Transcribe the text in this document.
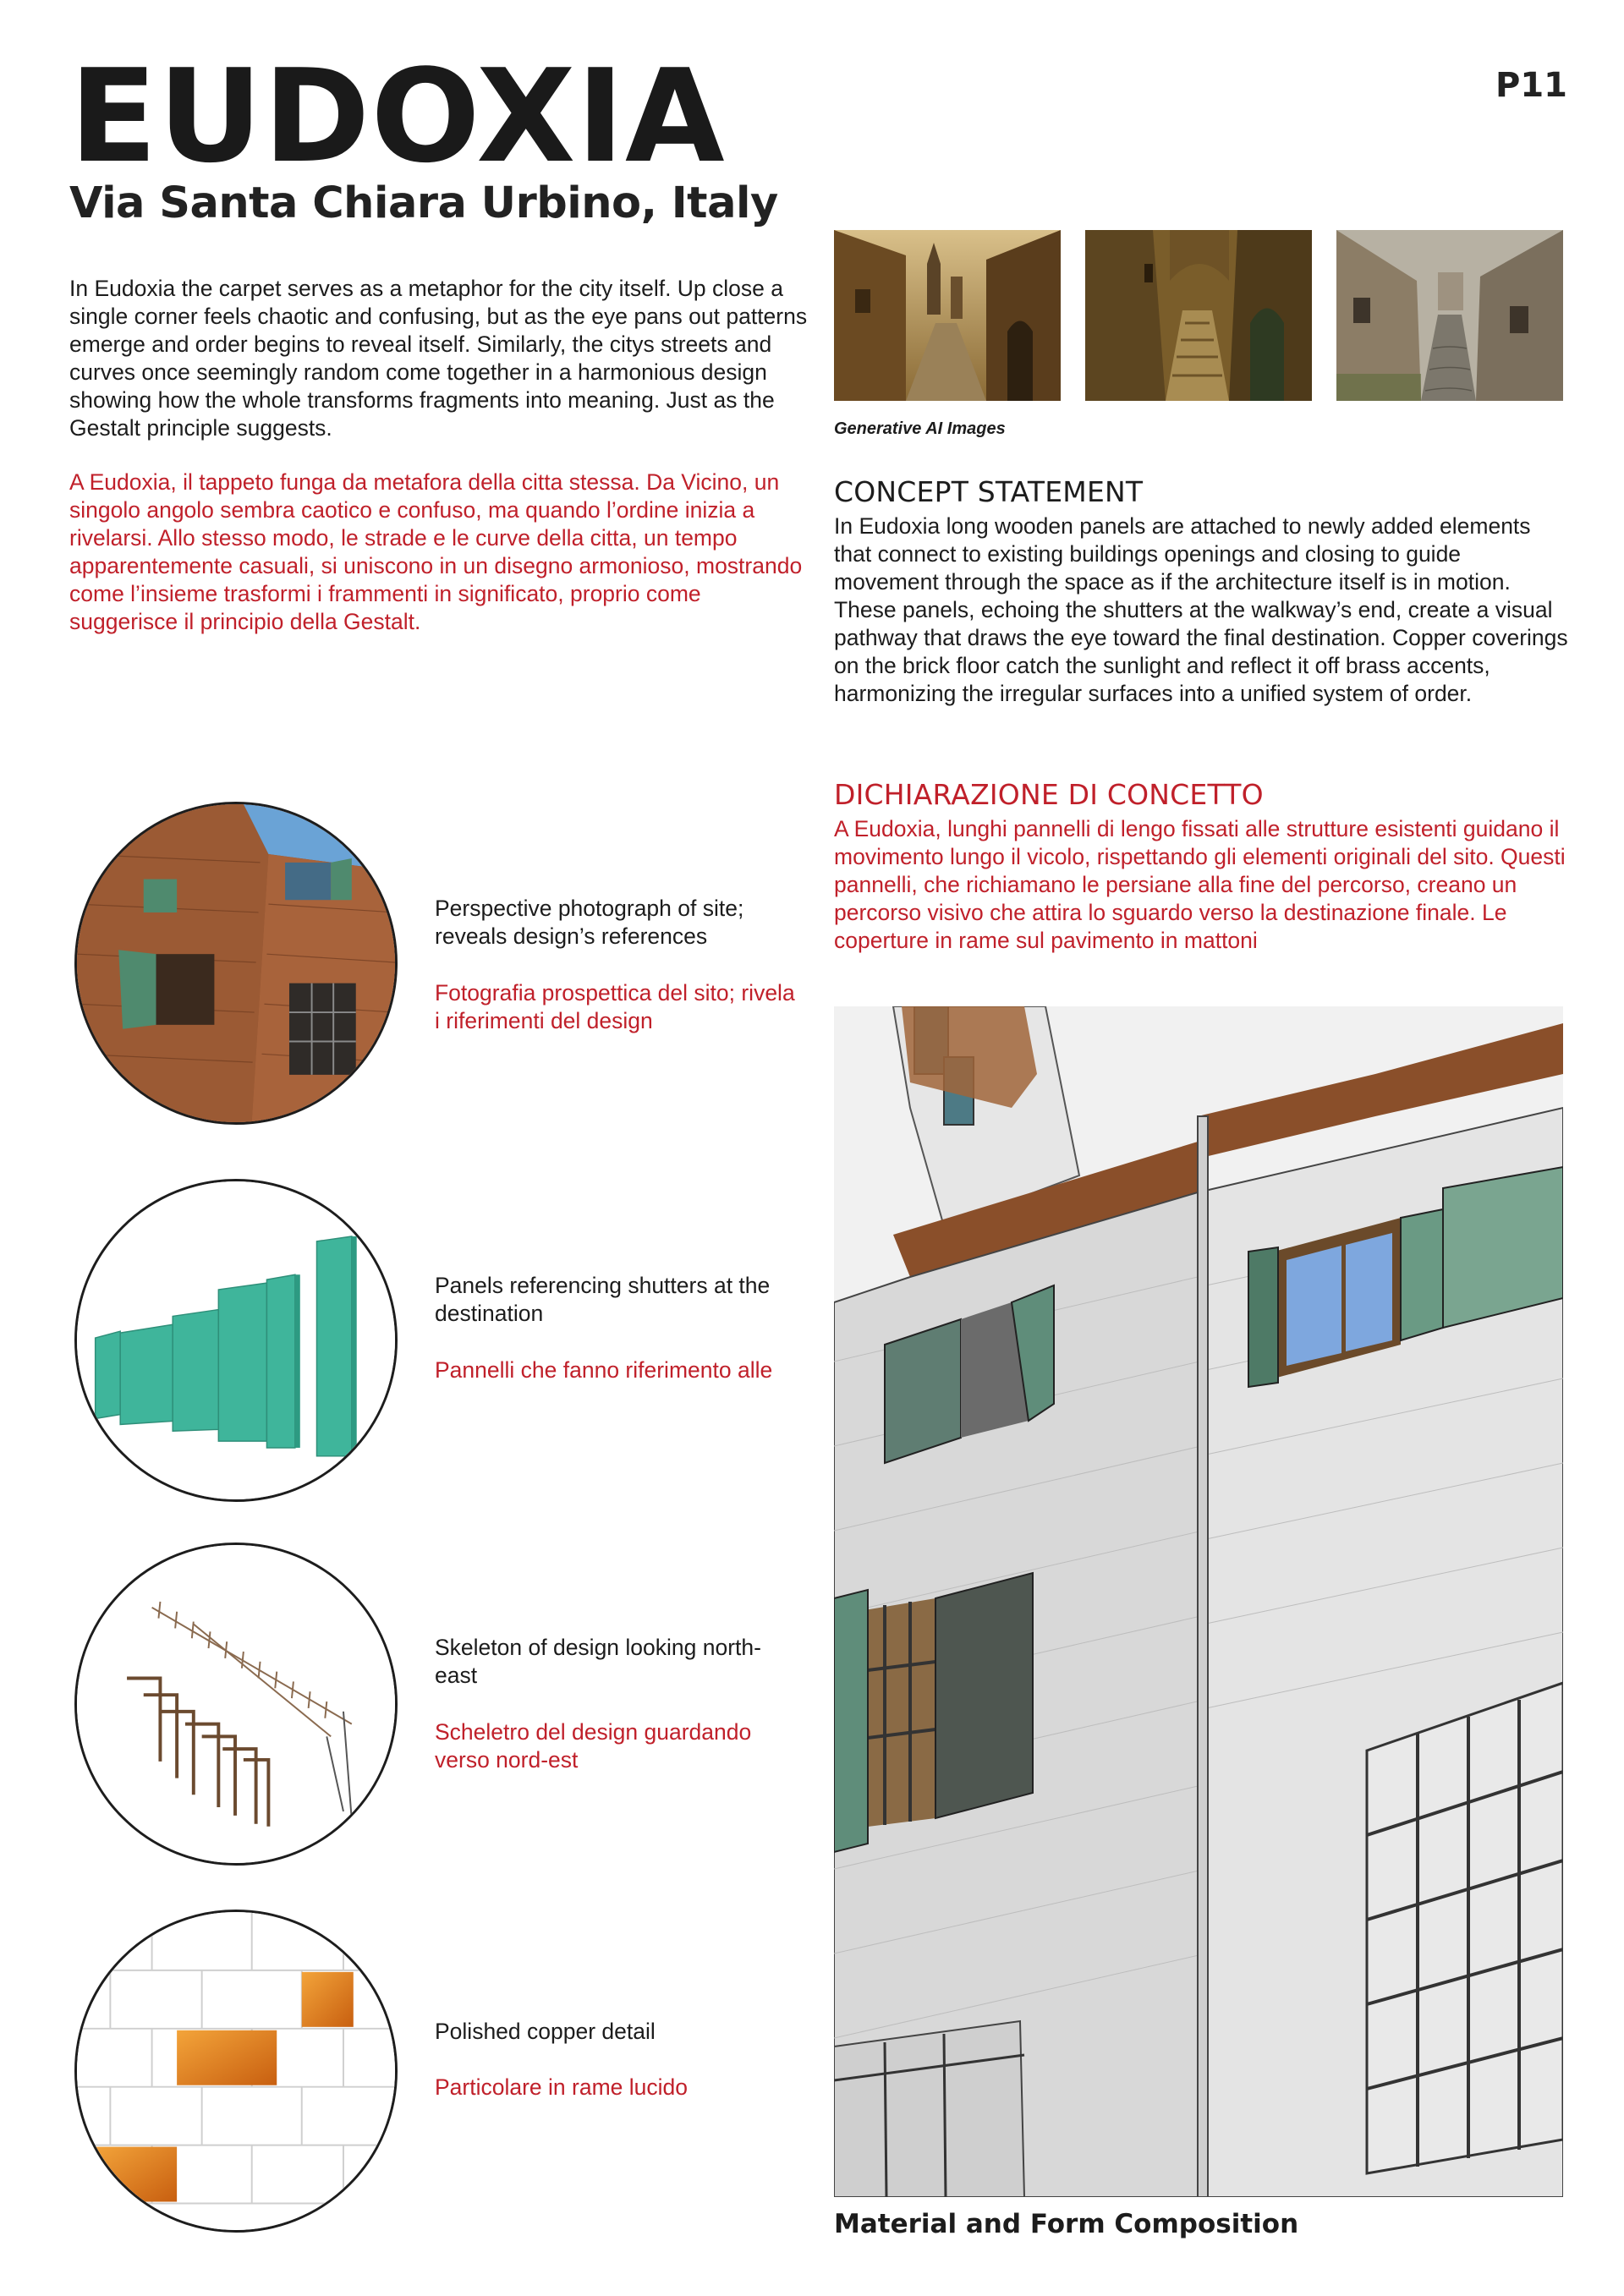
EUDOXIA
Via Santa Chiara Urbino, Italy
P11
In Eudoxia the carpet serves as a metaphor for the city itself. Up close a single corner feels chaotic and confusing, but as the eye pans out patterns emerge and order begins to reveal itself. Similarly, the citys streets and curves once seemingly random come together in a harmonious design showing how the whole transforms fragments into meaning. Just as the Gestalt principle suggests.
A Eudoxia, il tappeto funga da metafora della citta stessa. Da Vicino, un singolo angolo sembra caotico e confuso, ma quando l’ordine inizia a rivelarsi. Allo stesso modo, le strade e le curve della citta, un tempo apparentemente casuali, si uniscono in un disegno armonioso, mostrando come l’insieme trasformi i frammenti in significato, proprio come suggerisce il principio della Gestalt.
Generative AI Images
CONCEPT STATEMENT
In Eudoxia long wooden panels are attached to newly added elements that connect to existing buildings openings and closing to guide movement through the space as if the architecture itself is in motion. These panels, echoing the shutters at the walkway’s end, create a visual pathway that draws the eye toward the final destination. Copper coverings on the brick floor catch the sunlight and reflect it off brass accents, harmonizing the irregular surfaces into a unified system of order.
DICHIARAZIONE DI CONCETTO
A Eudoxia, lunghi pannelli di lengo fissati alle strutture esistenti guidano il movimento lungo il vicolo, rispettando gli elementi originali del sito. Questi pannelli, che richiamano le persiane alla fine del percorso, creano un percorso visivo che attira lo sguardo verso la destinazione finale. Le coperture in rame sul pavimento in mattoni
Perspective photograph of site; reveals design’s references
Fotografia prospettica del sito; rivela i riferimenti del design
Panels referencing shutters at the destination
Pannelli che fanno riferimento alle
Skeleton of design looking north-east
Scheletro del design guardando verso nord-est
Polished copper detail
Particolare in rame lucido
Material and Form Composition
